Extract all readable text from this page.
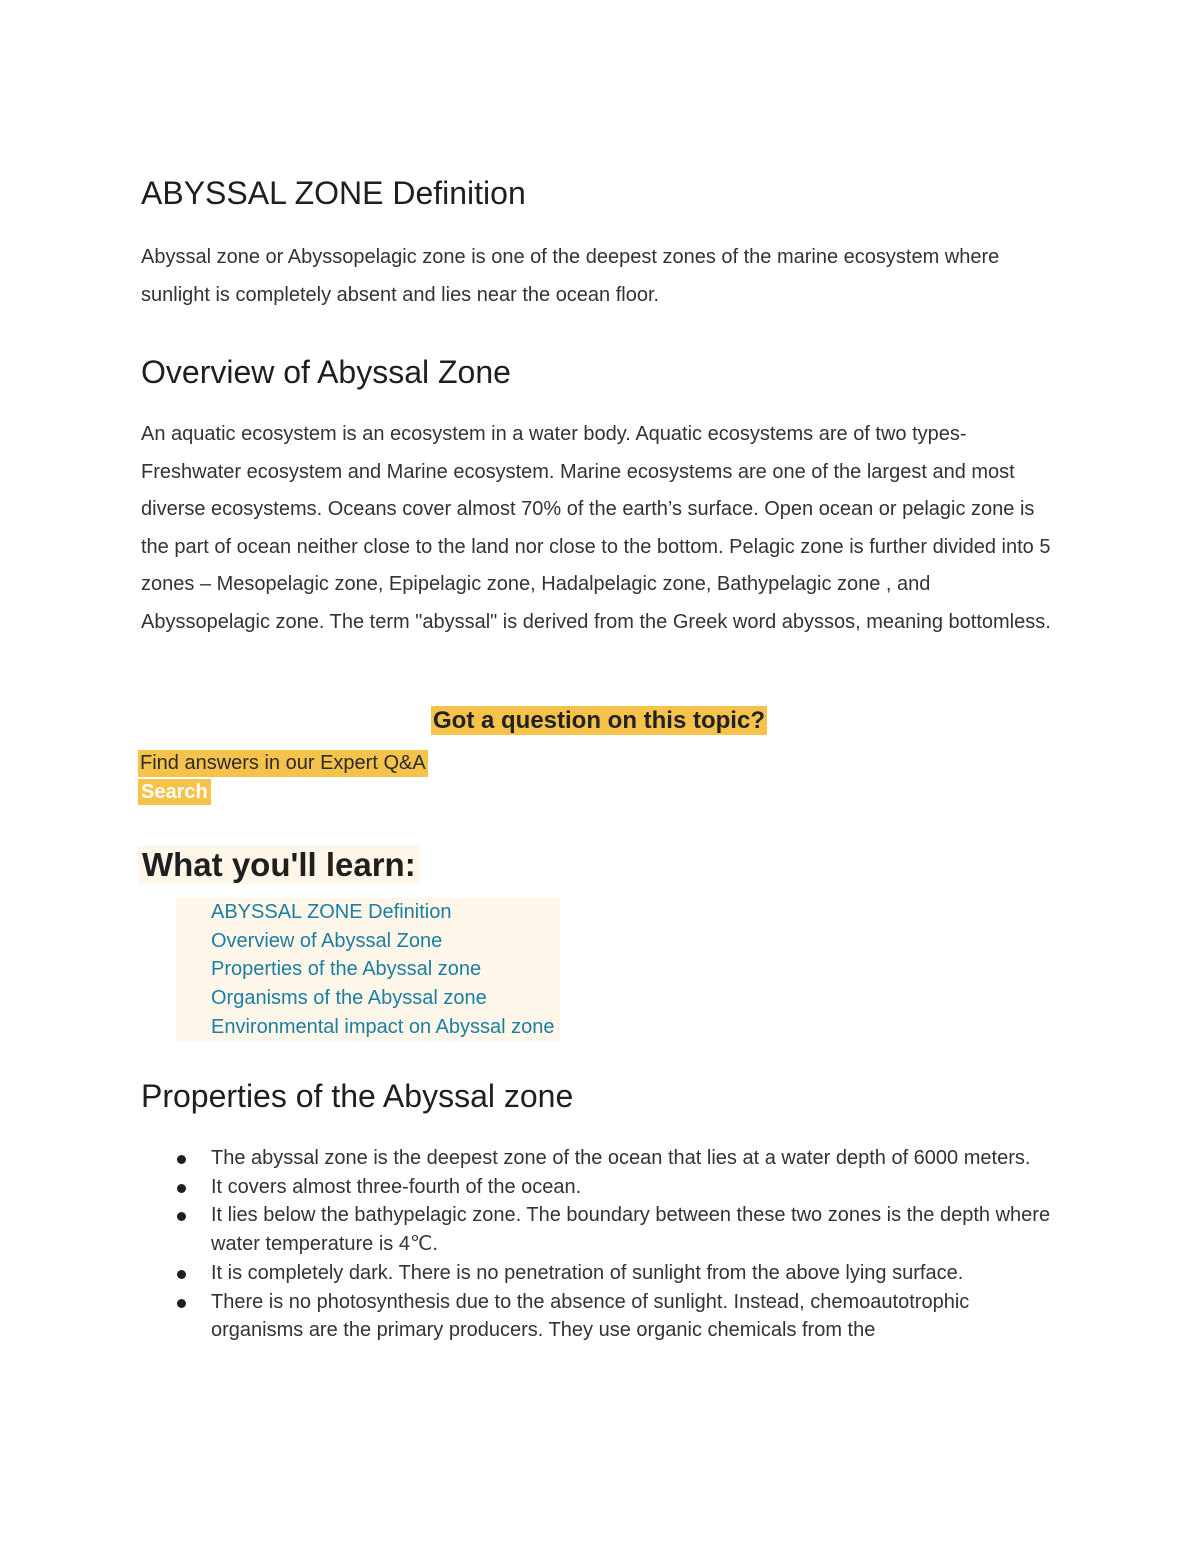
ABYSSAL ZONE Definition

Abyssal zone or Abyssopelagic zone is one of the deepest zones of the marine ecosystem where sunlight is completely absent and lies near the ocean floor.

Overview of Abyssal Zone

An aquatic ecosystem is an ecosystem in a water body. Aquatic ecosystems are of two types-Freshwater ecosystem and Marine ecosystem. Marine ecosystems are one of the largest and most diverse ecosystems. Oceans cover almost 70% of the earth’s surface. Open ocean or pelagic zone is the part of ocean neither close to the land nor close to the bottom. Pelagic zone is further divided into 5 zones – Mesopelagic zone, Epipelagic zone, Hadalpelagic zone, Bathypelagic zone , and Abyssopelagic zone. The term "abyssal" is derived from the Greek word abyssos, meaning bottomless.

Got a question on this topic?
Find answers in our Expert Q&A
Search
What you'll learn:
ABYSSAL ZONE Definition
Overview of Abyssal Zone
Properties of the Abyssal zone
Organisms of the Abyssal zone
Environmental impact on Abyssal zone
Properties of the Abyssal zone
The abyssal zone is the deepest zone of the ocean that lies at a water depth of 6000 meters.
It covers almost three-fourth of the ocean.
It lies below the bathypelagic zone. The boundary between these two zones is the depth where water temperature is 4℃.
It is completely dark. There is no penetration of sunlight from the above lying surface.
There is no photosynthesis due to the absence of sunlight. Instead, chemoautotrophic organisms are the primary producers. They use organic chemicals from the
